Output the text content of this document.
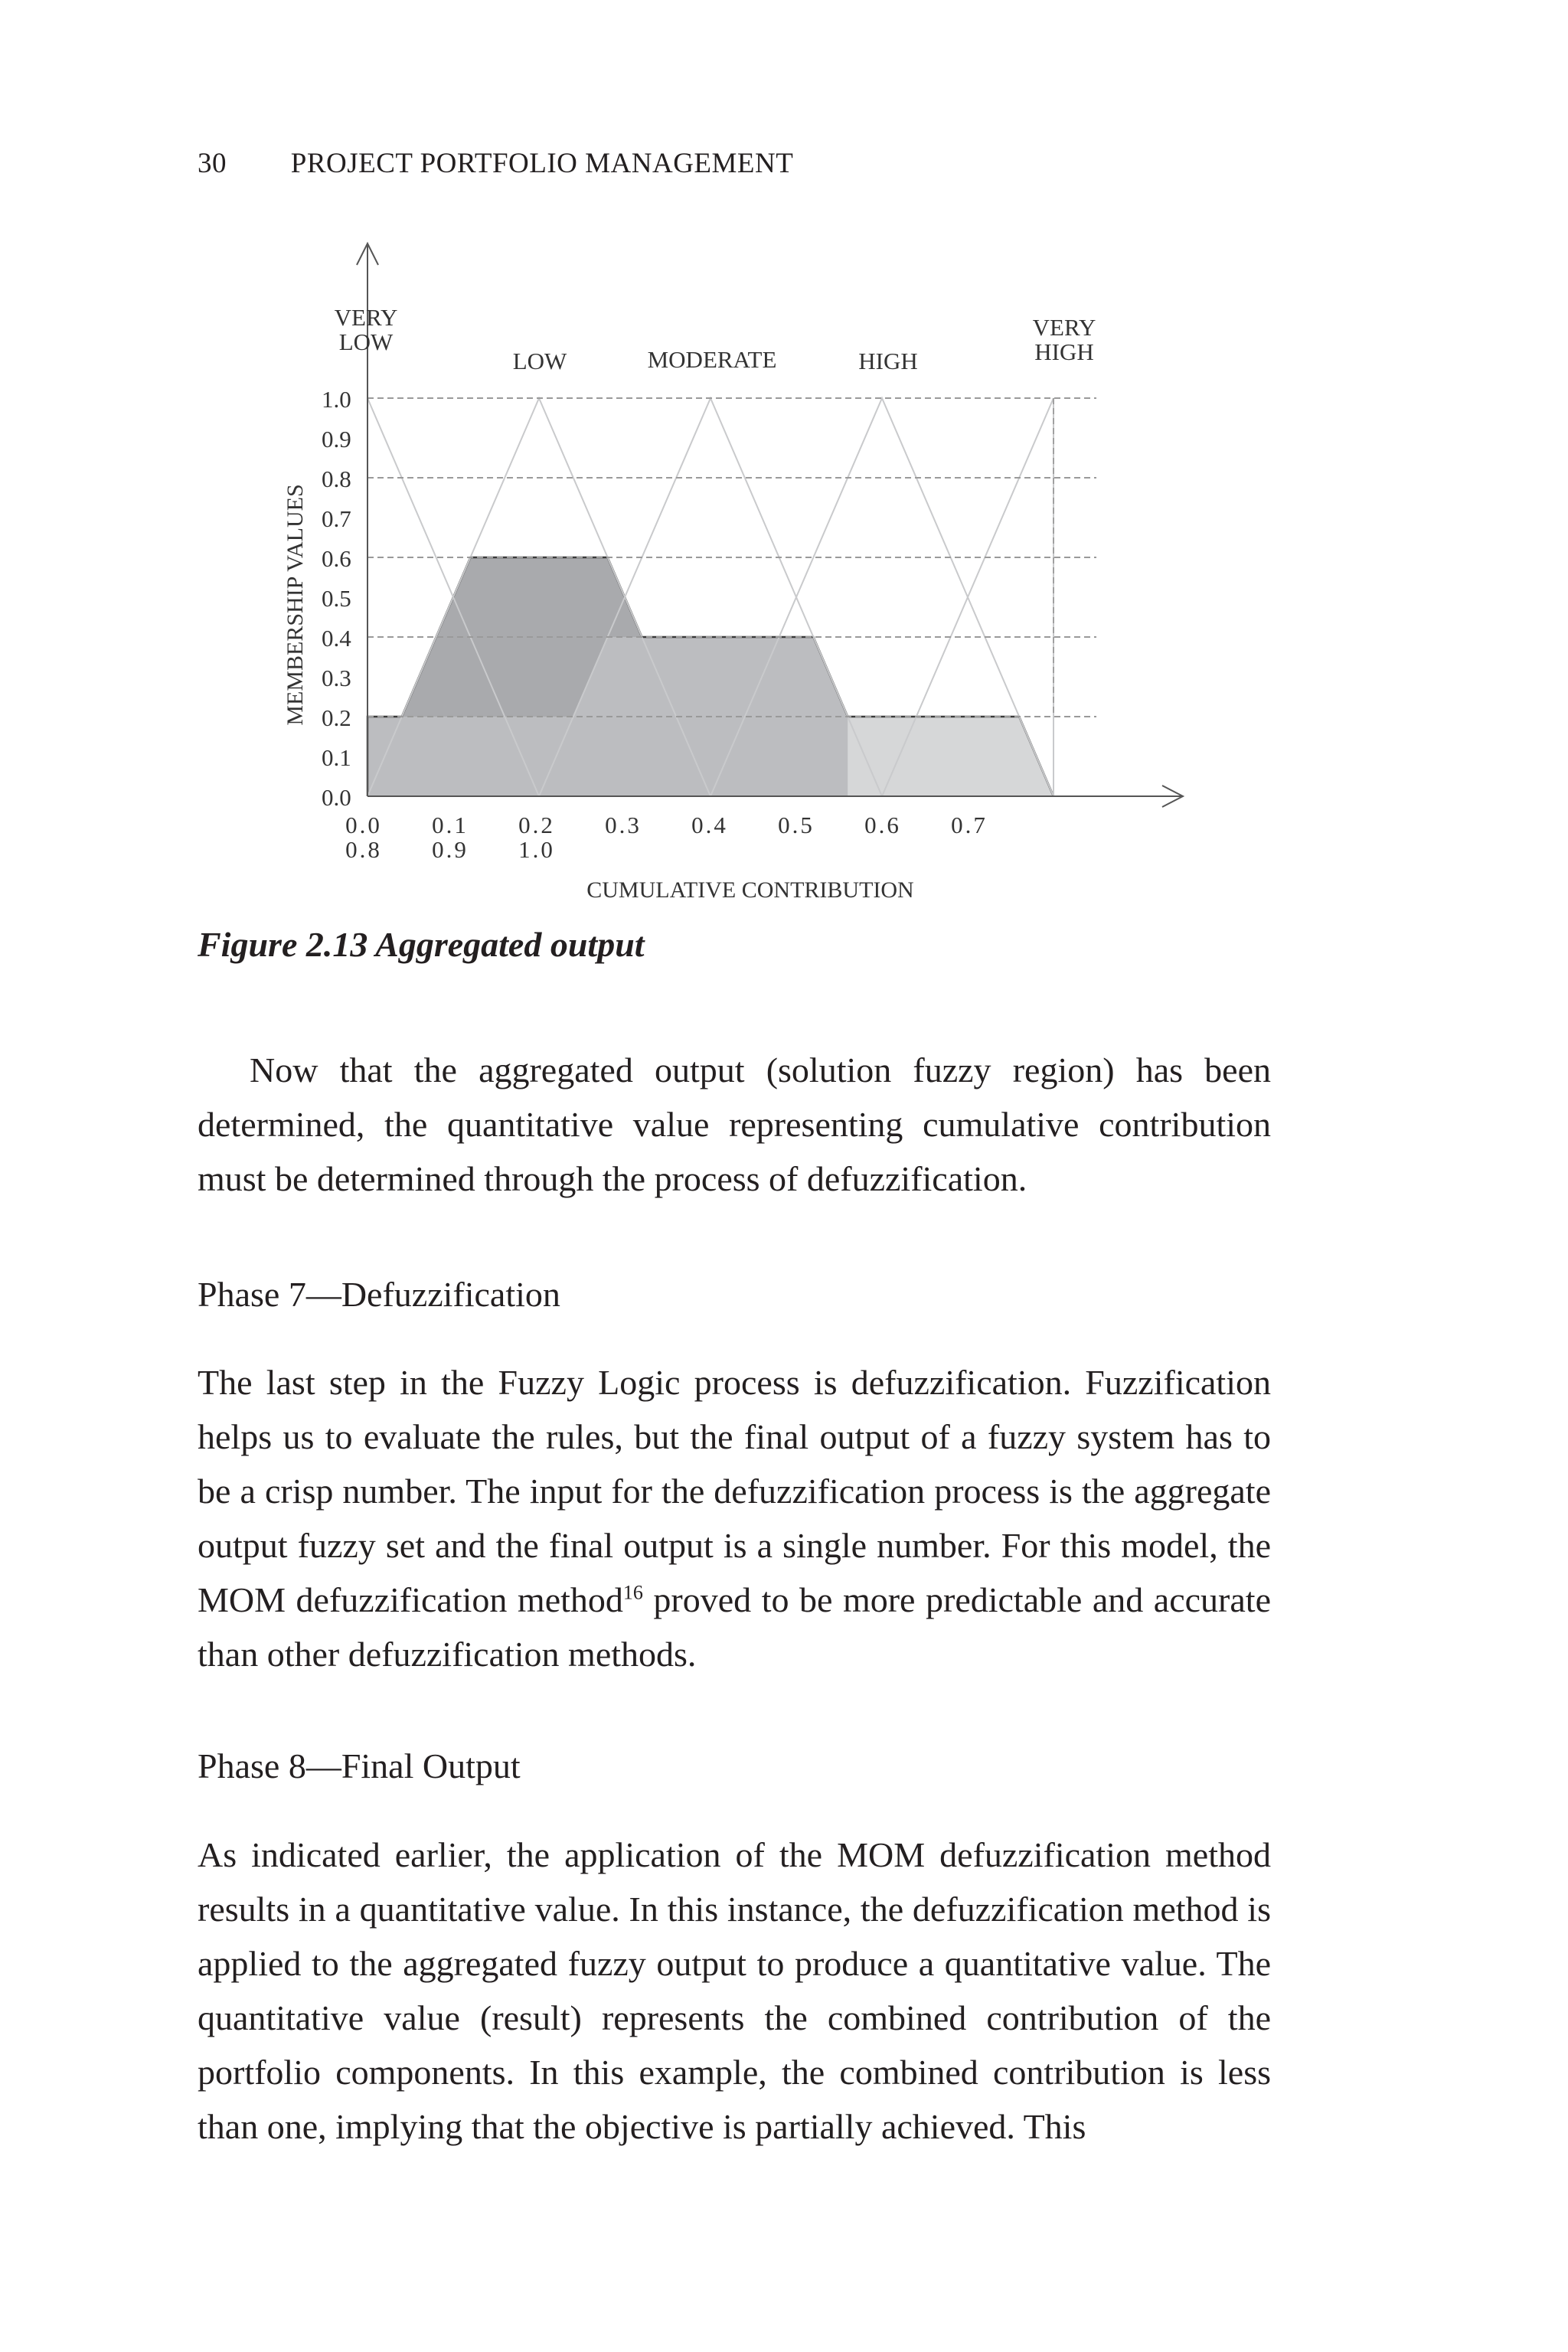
30 PROJECT PORTFOLIO MANAGEMENT
1.0
0.9
0.8
0.7
0.6
0.5
0.4
0.3
0.2
0.1
0.0
0.0 0.1 0.2 0.3 0.4 0.5 0.6 0.7
0.8 0.9 1.0
VERY
LOW
LOW	MODERATE	HIGH
VERY
HIGH
CUMULATIVE CONTRIBUTION
MEMBERSHIP VALUES
Figure 2.13 Aggregated output

Now that the aggregated output (solution fuzzy region) has been determined, the quantitative value representing cumulative contribution must be determined through the process of defuzzification.

Phase 7—Defuzzification

The last step in the Fuzzy Logic process is defuzzification. Fuzzification helps us to evaluate the rules, but the final output of a fuzzy system has to be a crisp number. The input for the defuzzification process is the aggregate output fuzzy set and the final output is a single number. For this model, the MOM defuzzification method$^{16}$ proved to be more predictable and accurate than other defuzzification methods.

Phase 8—Final Output

As indicated earlier, the application of the MOM defuzzification method results in a quantitative value. In this instance, the defuzzification method is applied to the aggregated fuzzy output to produce a quantitative value. The quantitative value (result) represents the combined contribution of the portfolio components. In this example, the combined contribution is less than one, implying that the objective is partially achieved. This
